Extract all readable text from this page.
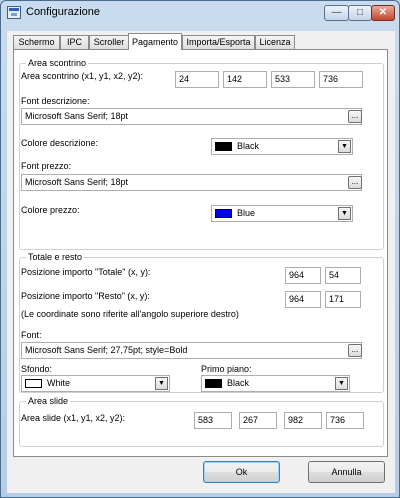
Configurazione	—	□	✕
Schermo	IPC	Scroller Pagamento Importa/Esporta Licenza
Area scontrino
Area scontrino (x1, y1, x2, y2):	24	142	533	736
Font descrizione:
Microsoft Sans Serif; 18pt	...
Colore descrizione:	Black	▼
Font prezzo:
Microsoft Sans Serif; 18pt	...
Colore prezzo:	Blue	▼
Totale e resto
Posizione importo "Totale" (x, y):	964	54
Posizione importo "Resto" (x, y):	964	171
(Le coordinate sono riferite all'angolo superiore destro)
Font:
Microsoft Sans Serif; 27,75pt; style=Bold	...
Sfondo:
White	▼
Primo piano:
Black	▼
Area slide
Area slide (x1, y1, x2, y2):	583	267	982	736
Ok	Annulla
